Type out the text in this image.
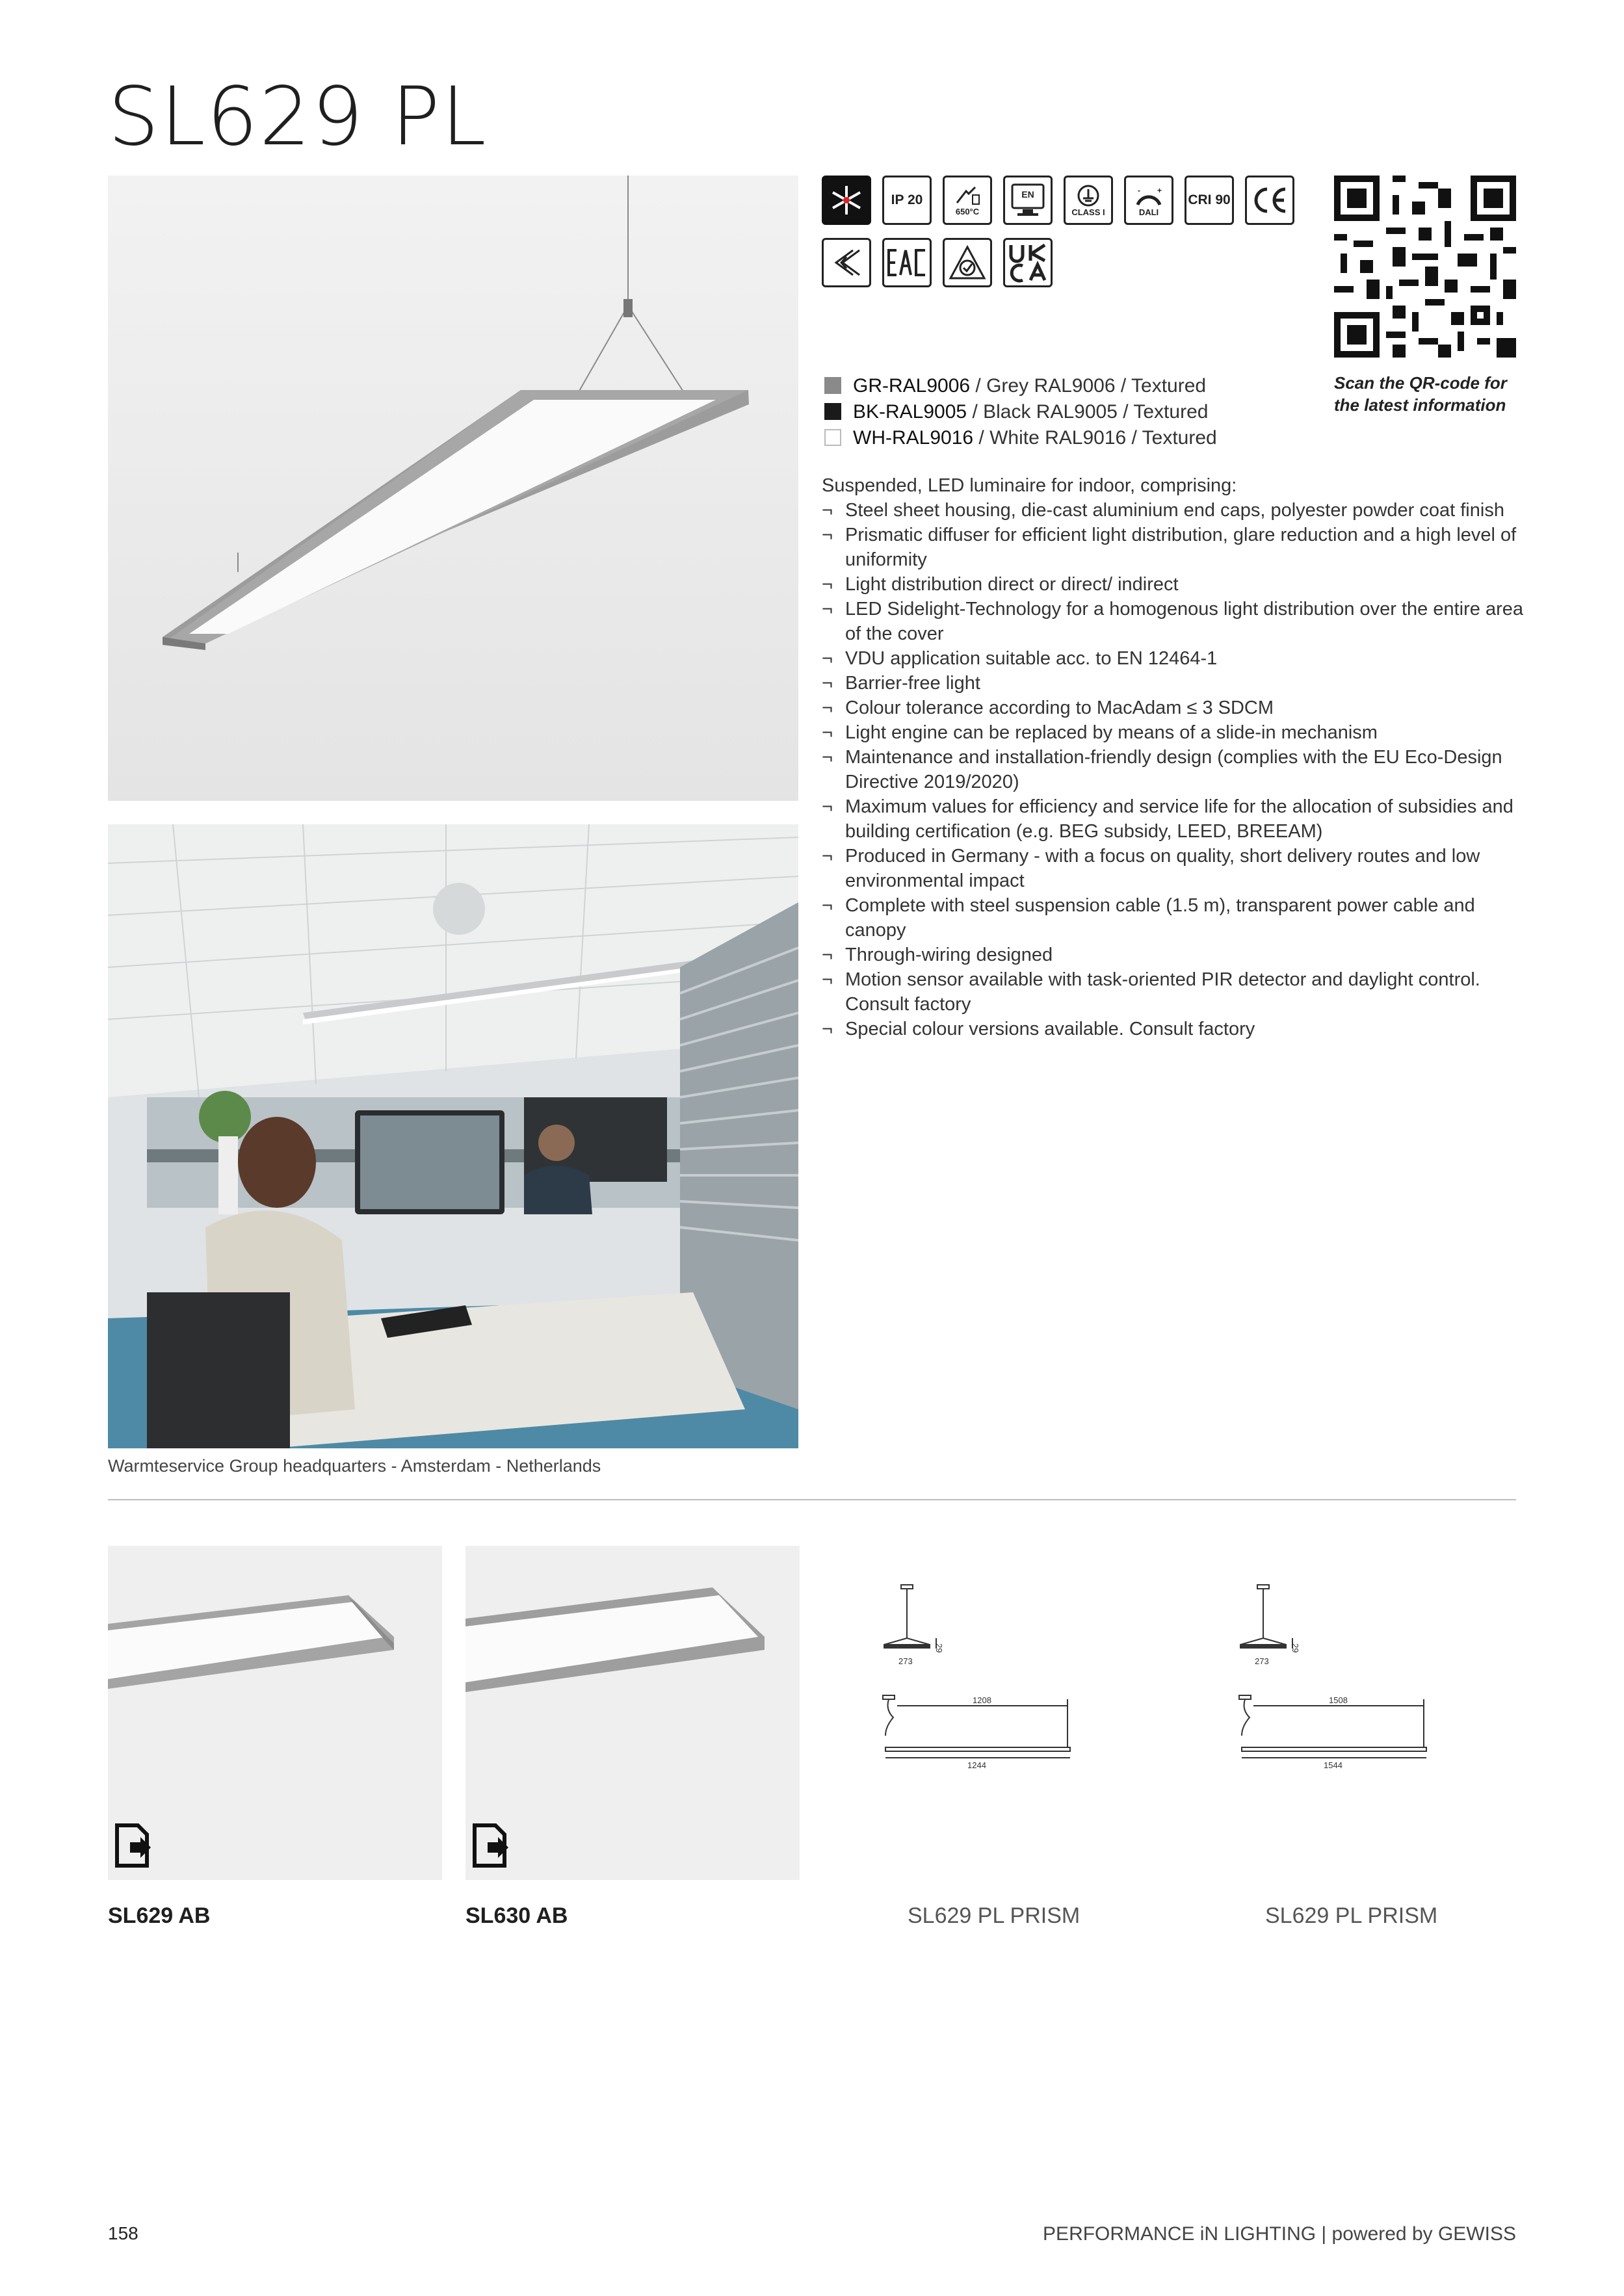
SL629 PL
Warmteservice Group headquarters - Amsterdam - Netherlands
IP 20
650°C
EN
CLASS I
- +
DALI
CRI 90
Scan the QR-code for
the latest information
GR-RAL9006 / Grey RAL9006 / Textured
BK-RAL9005 / Black RAL9005 / Textured
WH-RAL9016 / White RAL9016 / Textured
Suspended, LED luminaire for indoor, comprising:
¬ Steel sheet housing, die-cast aluminium end caps, polyester powder coat finish
¬ Prismatic diffuser for efficient light distribution, glare reduction and a high level of uniformity
¬ Light distribution direct or direct/ indirect
¬ LED Sidelight-Technology for a homogenous light distribution over the entire area of the cover
¬ VDU application suitable acc. to EN 12464-1
¬ Barrier-free light
¬ Colour tolerance according to MacAdam ≤ 3 SDCM
¬ Light engine can be replaced by means of a slide-in mechanism
¬ Maintenance and installation-friendly design (complies with the EU Eco-Design Directive 2019/2020)
¬ Maximum values for efficiency and service life for the allocation of subsidies and building certification (e.g. BEG subsidy, LEED, BREEAM)
¬ Produced in Germany - with a focus on quality, short delivery routes and low environmental impact
¬ Complete with steel suspension cable (1.5 m), transparent power cable and canopy
¬ Through-wiring designed
¬ Motion sensor available with task-oriented PIR detector and daylight control. Consult factory
¬ Special colour versions available. Consult factory
29
273
1208
1244
29
273
1508
1544
SL629 AB	SL630 AB	SL629 PL PRISM	SL629 PL PRISM
158	PERFORMANCE iN LIGHTING | powered by GEWISS
